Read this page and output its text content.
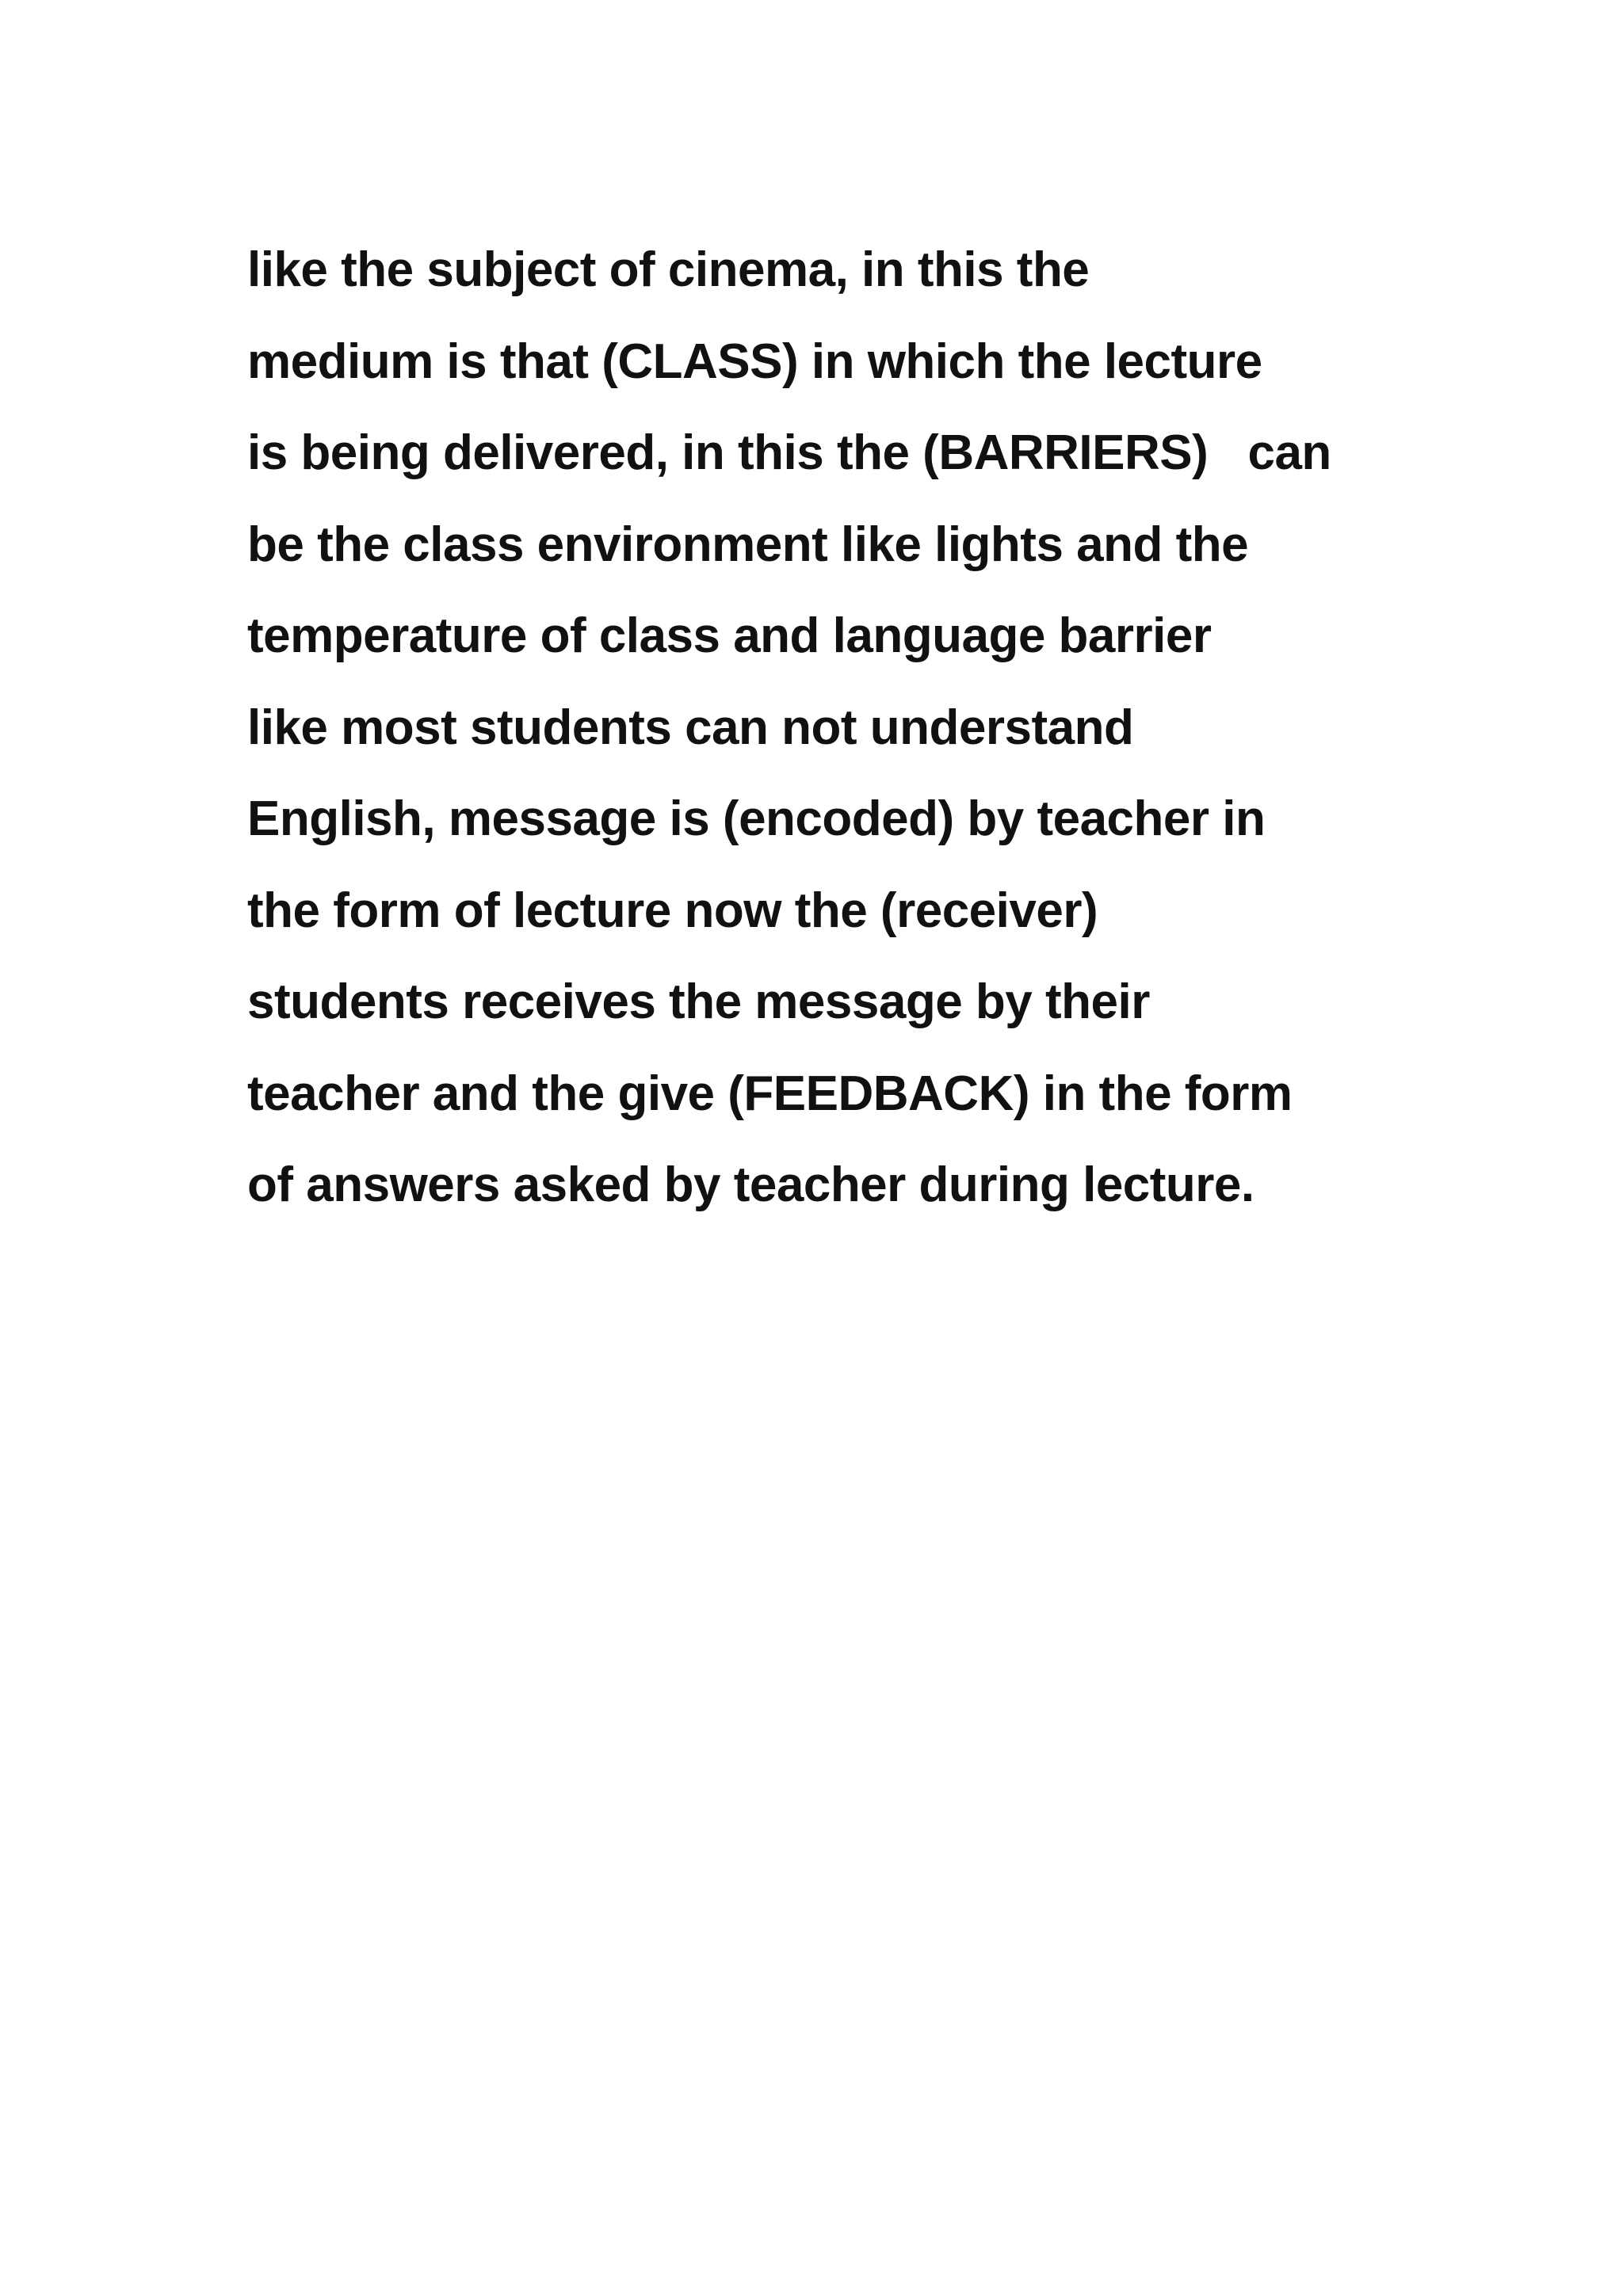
like the subject of cinema, in this the
medium is that (CLASS) in which the lecture
is being delivered, in this the (BARRIERS)   can
be the class environment like lights and the
temperature of class and language barrier
like most students can not understand
English, message is (encoded) by teacher in
the form of lecture now the (receiver)
students receives the message by their
teacher and the give (FEEDBACK) in the form
of answers asked by teacher during lecture.
